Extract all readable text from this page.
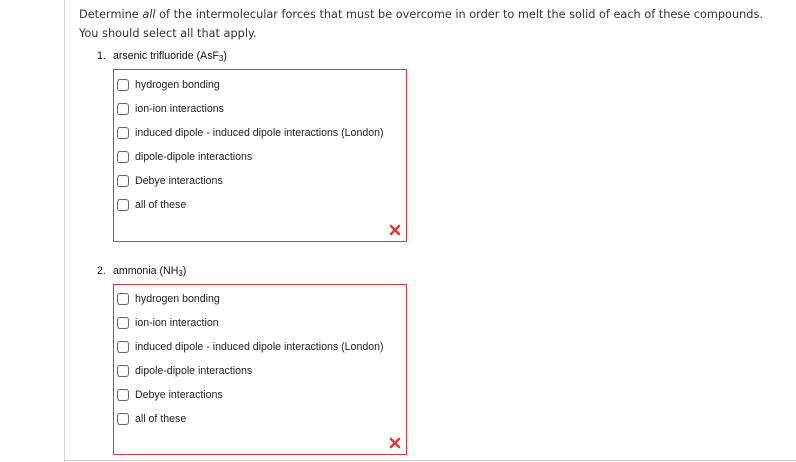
Determine all of the intermolecular forces that must be overcome in order to melt the solid of each of these compounds.
You should select all that apply.
1. arsenic trifluoride (AsF$_3$)
hydrogen bonding
ion-ion interactions
induced dipole - induced dipole interactions (London)
dipole-dipole interactions
Debye interactions
all of these
2. ammonia $(NH_3)$
hydrogen bonding
ion-ion interaction
induced dipole - induced dipole interactions (London)
dipole-dipole interactions
Debye interactions
all of these
